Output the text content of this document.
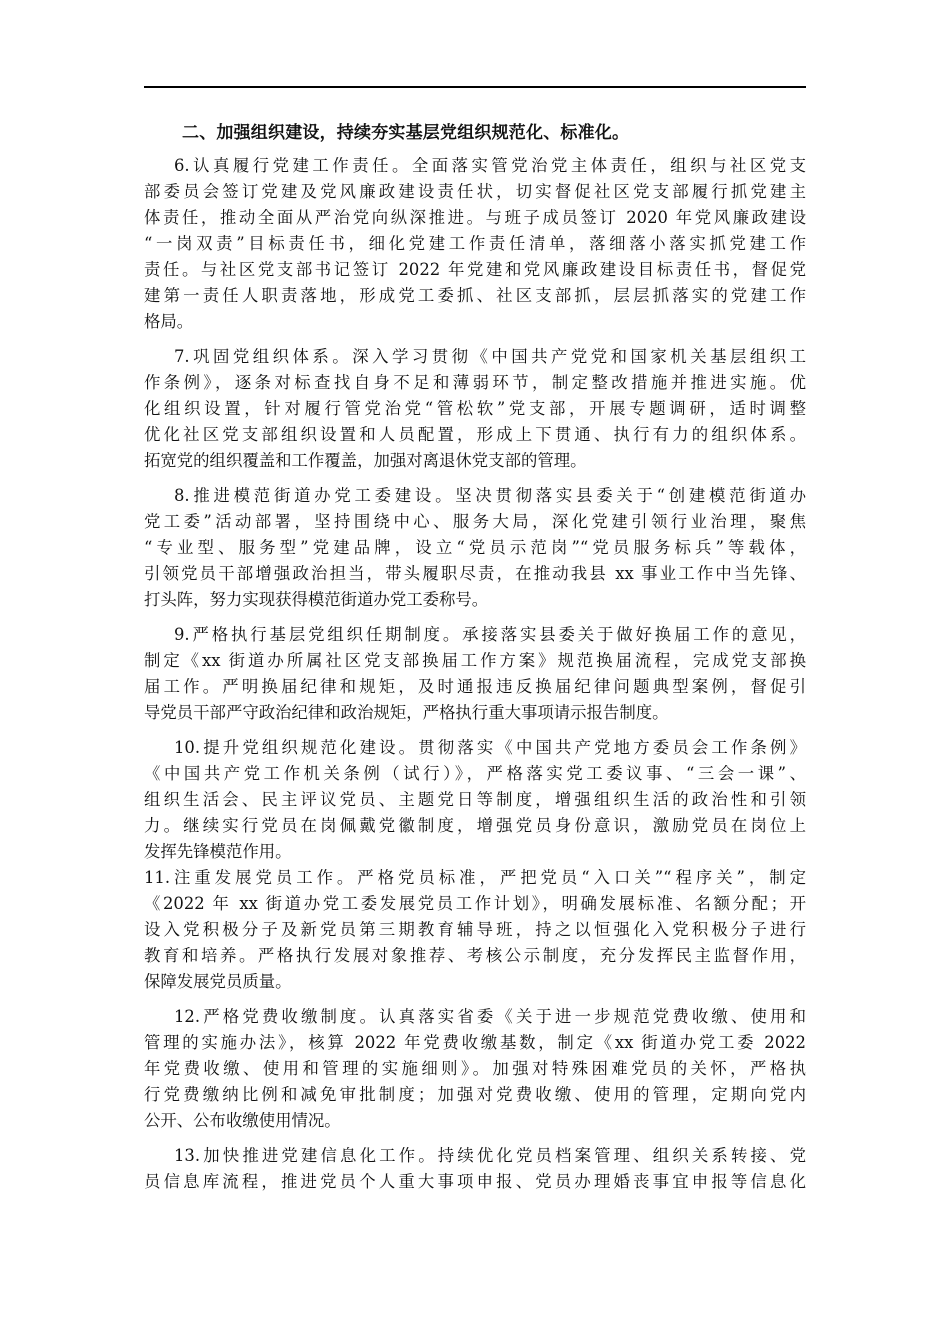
二、加强组织建设，持续夯实基层党组织规范化、标准化。

6.认真履行党建工作责任。全面落实管党治党主体责任，组织与社区党支
部委员会签订党建及党风廉政建设责任状，切实督促社区党支部履行抓党建主
体责任，推动全面从严治党向纵深推进。与班子成员签订 2020 年党风廉政建设
“一岗双责”目标责任书，细化党建工作责任清单，落细落小落实抓党建工作
责任。与社区党支部书记签订 2022 年党建和党风廉政建设目标责任书，督促党
建第一责任人职责落地，形成党工委抓、社区支部抓，层层抓落实的党建工作
格局。
7.巩固党组织体系。深入学习贯彻《中国共产党党和国家机关基层组织工
作条例》，逐条对标查找自身不足和薄弱环节，制定整改措施并推进实施。优
化组织设置，针对履行管党治党“管松软”党支部，开展专题调研，适时调整
优化社区党支部组织设置和人员配置，形成上下贯通、执行有力的组织体系。
拓宽党的组织覆盖和工作覆盖，加强对离退休党支部的管理。
8.推进模范街道办党工委建设。坚决贯彻落实县委关于“创建模范街道办
党工委”活动部署，坚持围绕中心、服务大局，深化党建引领行业治理，聚焦
“专业型、服务型”党建品牌，设立“党员示范岗”“党员服务标兵”等载体，
引领党员干部增强政治担当，带头履职尽责，在推动我县 xx 事业工作中当先锋、
打头阵，努力实现获得模范街道办党工委称号。
9.严格执行基层党组织任期制度。承接落实县委关于做好换届工作的意见，
制定《xx 街道办所属社区党支部换届工作方案》规范换届流程，完成党支部换
届工作。严明换届纪律和规矩，及时通报违反换届纪律问题典型案例，督促引
导党员干部严守政治纪律和政治规矩，严格执行重大事项请示报告制度。
10.提升党组织规范化建设。贯彻落实《中国共产党地方委员会工作条例》
《中国共产党工作机关条例（试行）》，严格落实党工委议事、“三会一课”、
组织生活会、民主评议党员、主题党日等制度，增强组织生活的政治性和引领
力。继续实行党员在岗佩戴党徽制度，增强党员身份意识，激励党员在岗位上
发挥先锋模范作用。
11.注重发展党员工作。严格党员标准，严把党员“入口关”“程序关”，制定
《2022 年 xx 街道办党工委发展党员工作计划》，明确发展标准、名额分配；开
设入党积极分子及新党员第三期教育辅导班，持之以恒强化入党积极分子进行
教育和培养。严格执行发展对象推荐、考核公示制度，充分发挥民主监督作用，
保障发展党员质量。
12.严格党费收缴制度。认真落实省委《关于进一步规范党费收缴、使用和
管理的实施办法》，核算 2022 年党费收缴基数，制定《xx 街道办党工委 2022
年党费收缴、使用和管理的实施细则》。加强对特殊困难党员的关怀，严格执
行党费缴纳比例和减免审批制度；加强对党费收缴、使用的管理，定期向党内
公开、公布收缴使用情况。
13.加快推进党建信息化工作。持续优化党员档案管理、组织关系转接、党
员信息库流程，推进党员个人重大事项申报、党员办理婚丧事宜申报等信息化
